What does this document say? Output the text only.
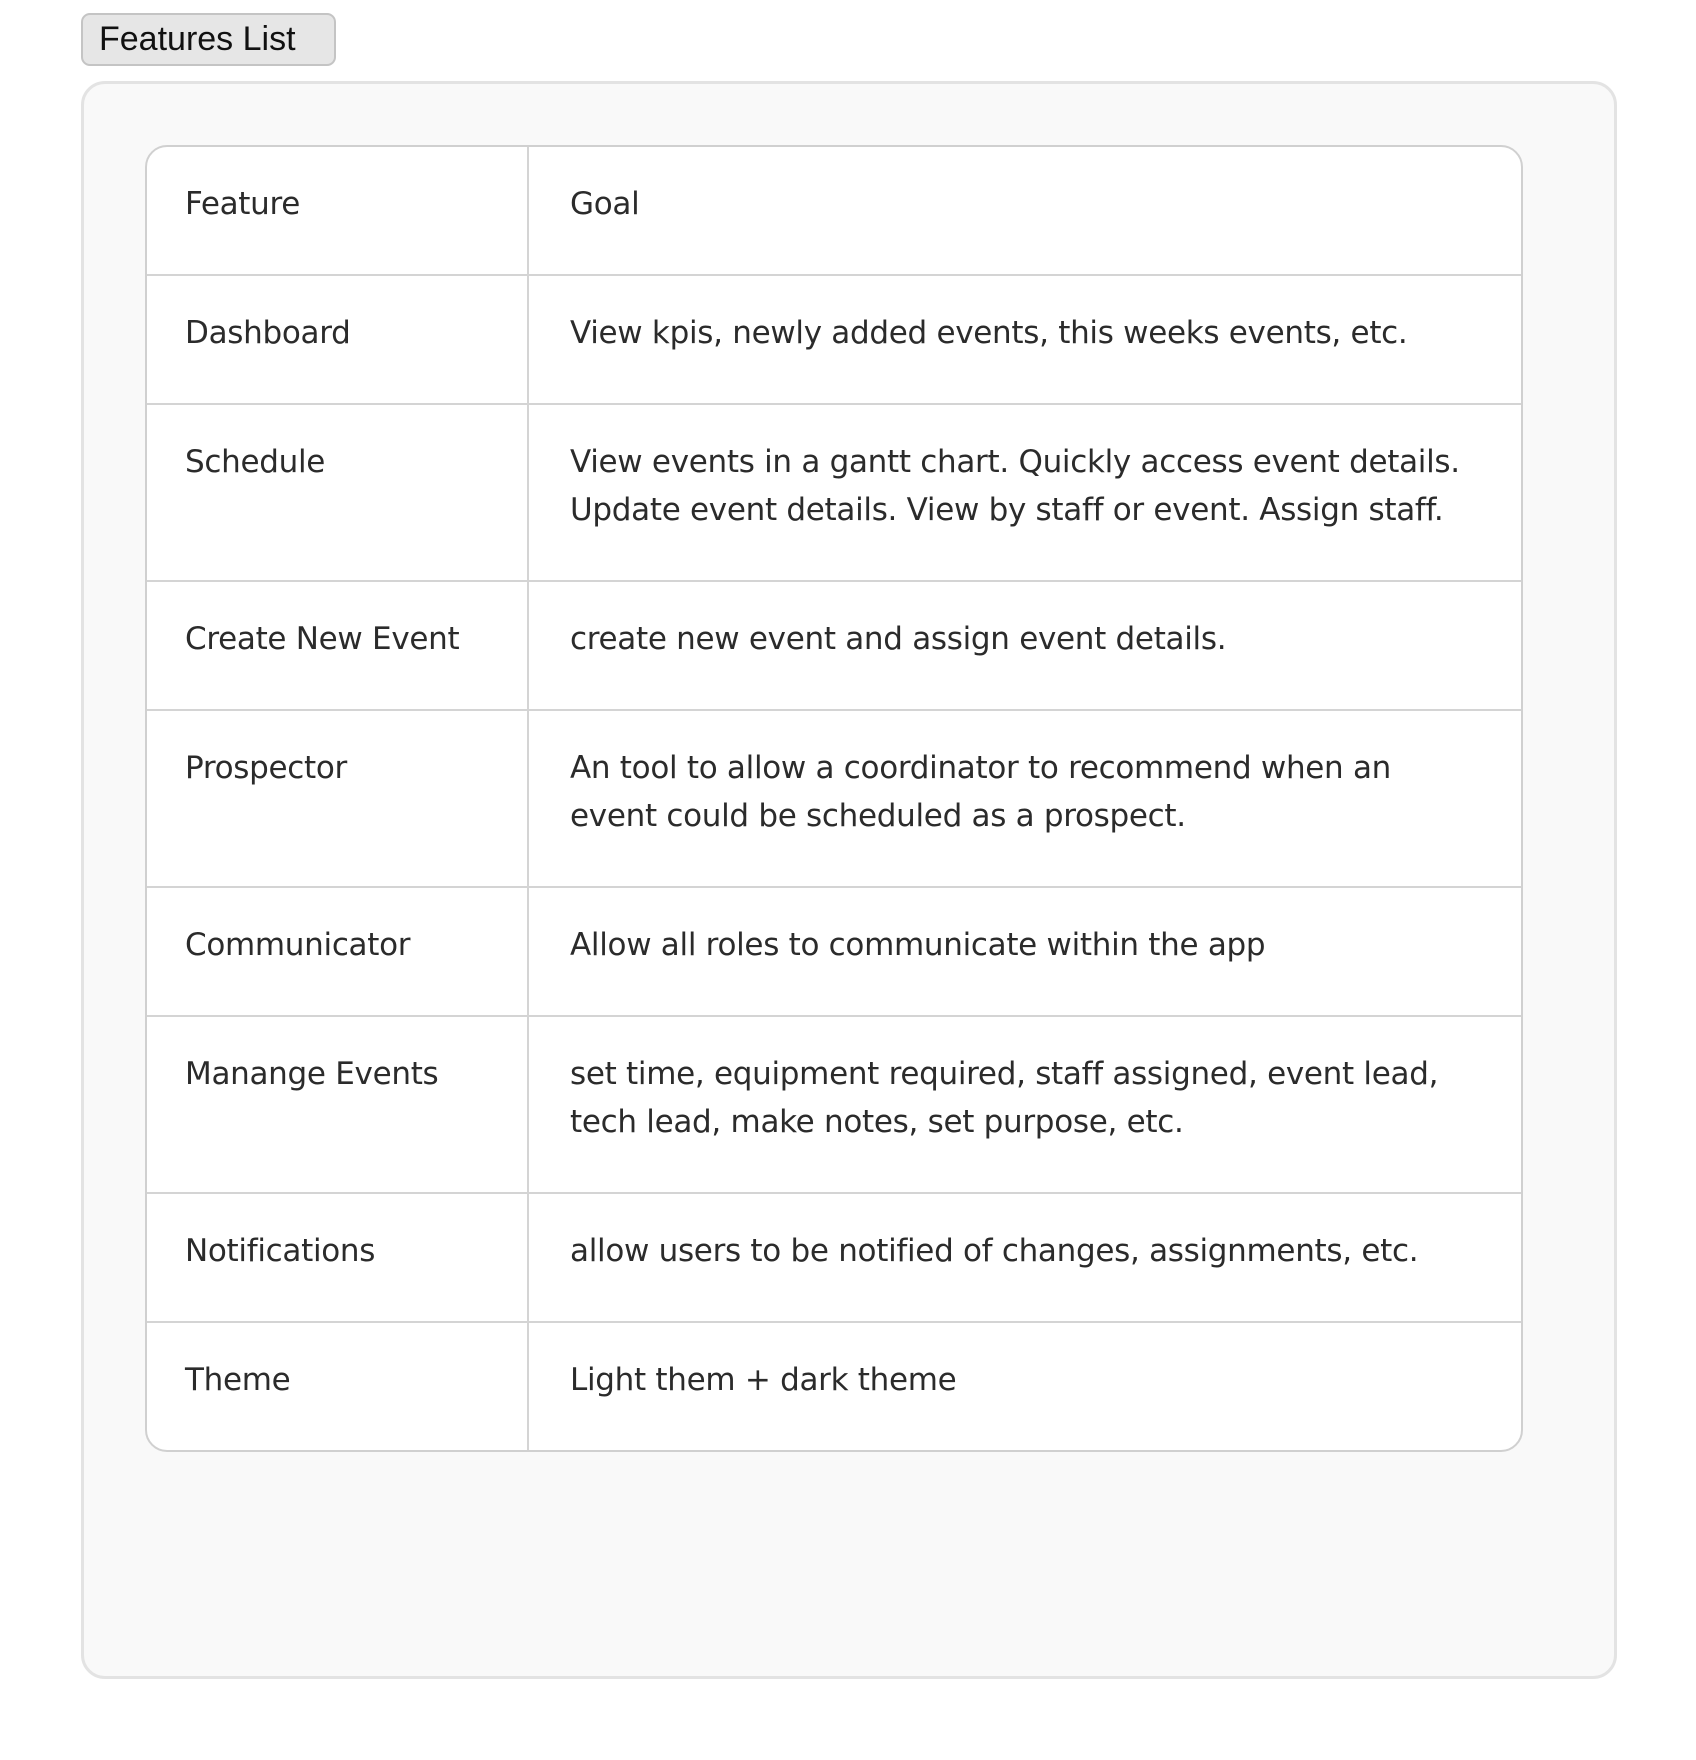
Features List
Feature	Goal
Dashboard	View kpis, newly added events, this weeks events, etc.
Schedule	View events in a gantt chart. Quickly access event details. Update event details. View by staff or event. Assign staff.
Create New Event	create new event and assign event details.
Prospector	An tool to allow a coordinator to recommend when an event could be scheduled as a prospect.
Communicator	Allow all roles to communicate within the app
Manange Events	set time, equipment required, staff assigned, event lead, tech lead, make notes, set purpose, etc.
Notifications	allow users to be notified of changes, assignments, etc.
Theme	Light them + dark theme
